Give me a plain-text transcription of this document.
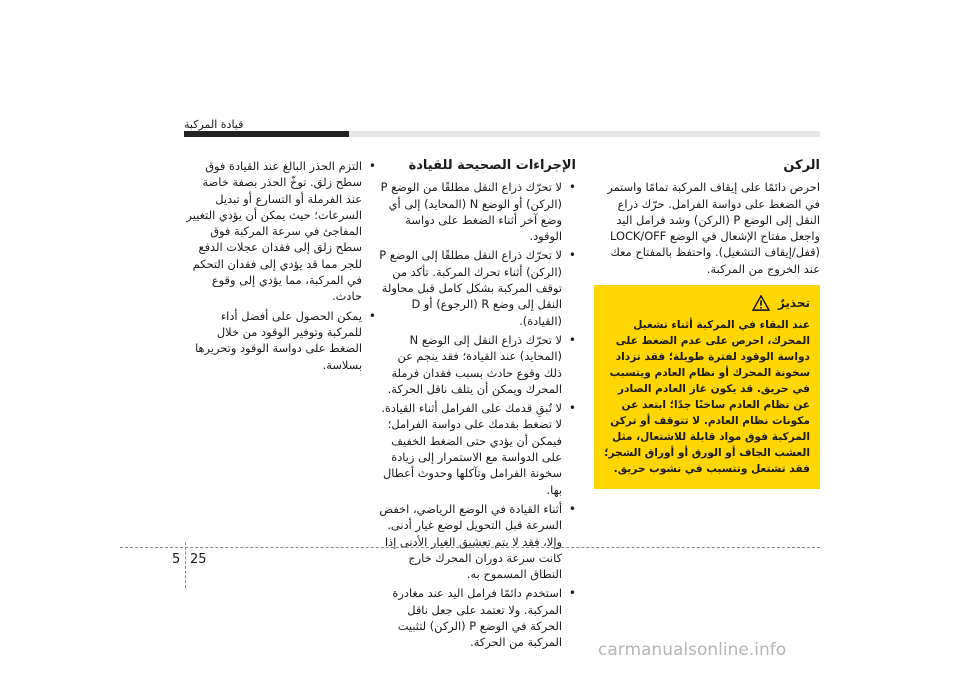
قيادة المركبة
الركن

احرص دائمًا على إيقاف المركبة تمامًا واستمر في الضغط على دواسة الفرامل. حرّك ذراع النقل إلى الوضع P (الركن) وشد فرامل اليد واجعل مفتاح الإشعال في الوضع LOCK/OFF (قفل/إيقاف التشغيل). واحتفظ بالمفتاح معك عند الخروج من المركبة.

تحذيرٌ
عند البقاء في المركبة أثناء تشغيل المحرك، احرص على عدم الضغط على دواسة الوقود لفترة طويلة؛ فقد تزداد سخونة المحرك أو نظام العادم ويتسبب في حريق. قد يكون غاز العادم الصادر عن نظام العادم ساخنًا جدًا؛ ابتعد عن مكونات نظام العادم. لا تتوقف أو تركن المركبة فوق مواد قابلة للاشتعال، مثل العشب الجاف أو الورق أو أوراق الشجر؛ فقد تشتعل وتتسبب في نشوب حريق.
الإجراءات الصحيحة للقيادة
• لا تحرّك ذراع النقل مطلقًا من الوضع P (الركن) أو الوضع N (المحايد) إلى أي وضع آخر أثناء الضغط على دواسة الوقود.
• لا تحرّك ذراع النقل مطلقًا إلى الوضع P (الركن) أثناء تحرك المركبة. تأكد من توقف المركبة بشكل كامل قبل محاولة النقل إلى وضع R (الرجوع) أو D (القيادة).
• لا تحرّك ذراع النقل إلى الوضع N (المحايد) عند القيادة؛ فقد ينجم عن ذلك وقوع حادث بسبب فقدان فرملة المحرك ويمكن أن يتلف ناقل الحركة.
• لا تُبقِ قدمك على الفرامل أثناء القيادة. لا تضغط بقدمك على دواسة الفرامل؛ فيمكن أن يؤدي حتى الضغط الخفيف على الدواسة مع الاستمرار إلى زيادة سخونة الفرامل وتآكلها وحدوث أعطال بها.
• أثناء القيادة في الوضع الرياضي، اخفض السرعة قبل التحويل لوضع غيار أدنى. وإلا، فقد لا يتم تعشيق الغيار الأدنى إذا كانت سرعة دوران المحرك خارج النطاق المسموح به.
• استخدم دائمًا فرامل اليد عند مغادرة المركبة. ولا تعتمد على جعل ناقل الحركة في الوضع P (الركن) لتثبيت المركبة من الحركة.
• التزم الحذر البالغ عند القيادة فوق سطح زلق. توخّ الحذر بصفة خاصة عند الفرملة أو التسارع أو تبديل السرعات؛ حيث يمكن أن يؤدي التغيير المفاجئ في سرعة المركبة فوق سطح زلق إلى فقدان عجلات الدفع للجر مما قد يؤدي إلى فقدان التحكم في المركبة، مما يؤدي إلى وقوع حادث.
• يمكن الحصول على أفضل أداء للمركبة وتوفير الوقود من خلال الضغط على دواسة الوقود وتحريرها بسلاسة.
5 25
carmanualsonline.info
